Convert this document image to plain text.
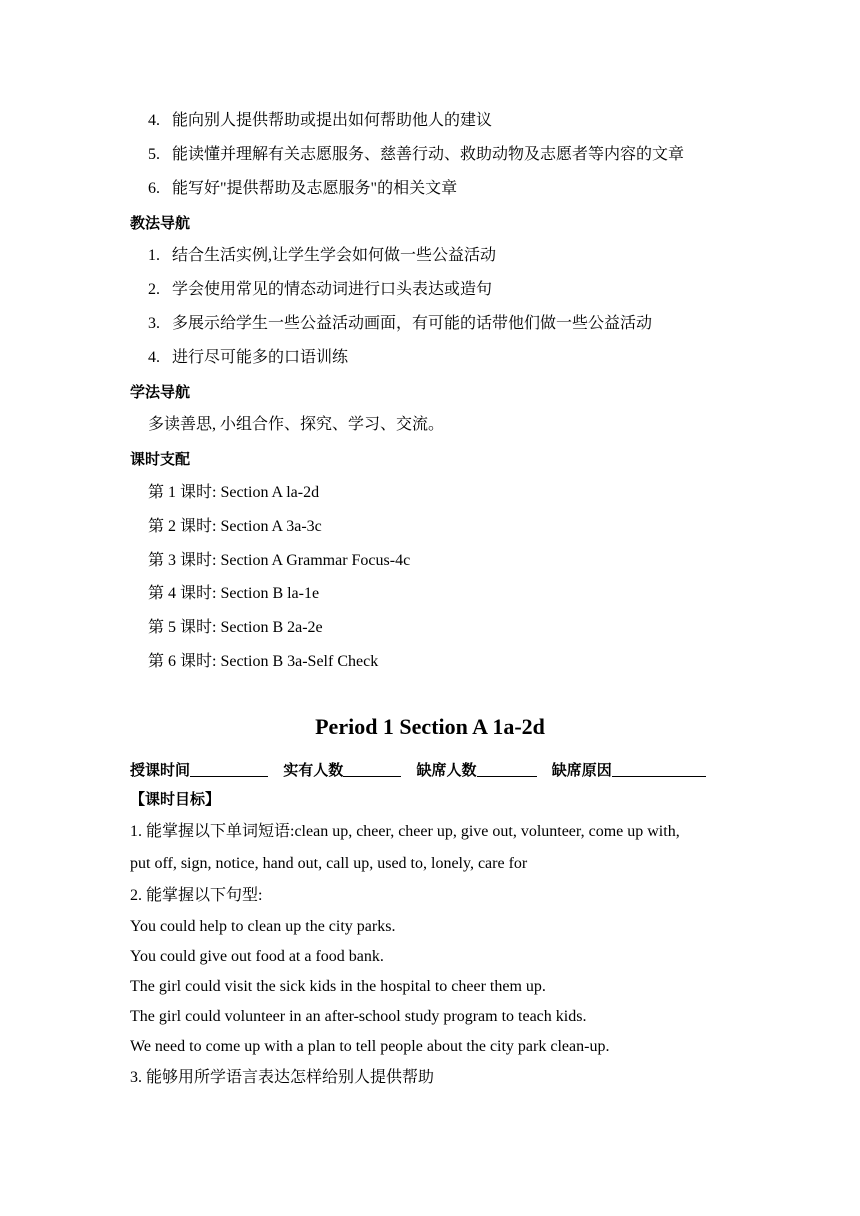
4. 能向别人提供帮助或提出如何帮助他人的建议
5. 能读懂并理解有关志愿服务、慈善行动、救助动物及志愿者等内容的文章
6. 能写好"提供帮助及志愿服务"的相关文章
教法导航
1. 结合生活实例,让学生学会如何做一些公益活动
2. 学会使用常见的情态动词进行口头表达或造句
3. 多展示给学生一些公益活动画面，有可能的话带他们做一些公益活动
4. 进行尽可能多的口语训练
学法导航
多读善思, 小组合作、探究、学习、交流。
课时支配
第 1 课时: Section A la-2d
第 2 课时: Section A 3a-3c
第 3 课时: Section A Grammar Focus-4c
第 4 课时: Section B la-1e
第 5 课时: Section B 2a-2e
第 6 课时: Section B 3a-Self Check
Period 1 Section A 1a-2d
授课时间	实有人数	缺席人数	缺席原因
【课时目标】
1. 能掌握以下单词短语:clean up, cheer, cheer up, give out, volunteer, come up with,
put off, sign, notice, hand out, call up, used to, lonely, care for
2. 能掌握以下句型:
You could help to clean up the city parks.
You could give out food at a food bank.
The girl could visit the sick kids in the hospital to cheer them up.
The girl could volunteer in an after-school study program to teach kids.
We need to come up with a plan to tell people about the city park clean-up.
3. 能够用所学语言表达怎样给别人提供帮助
